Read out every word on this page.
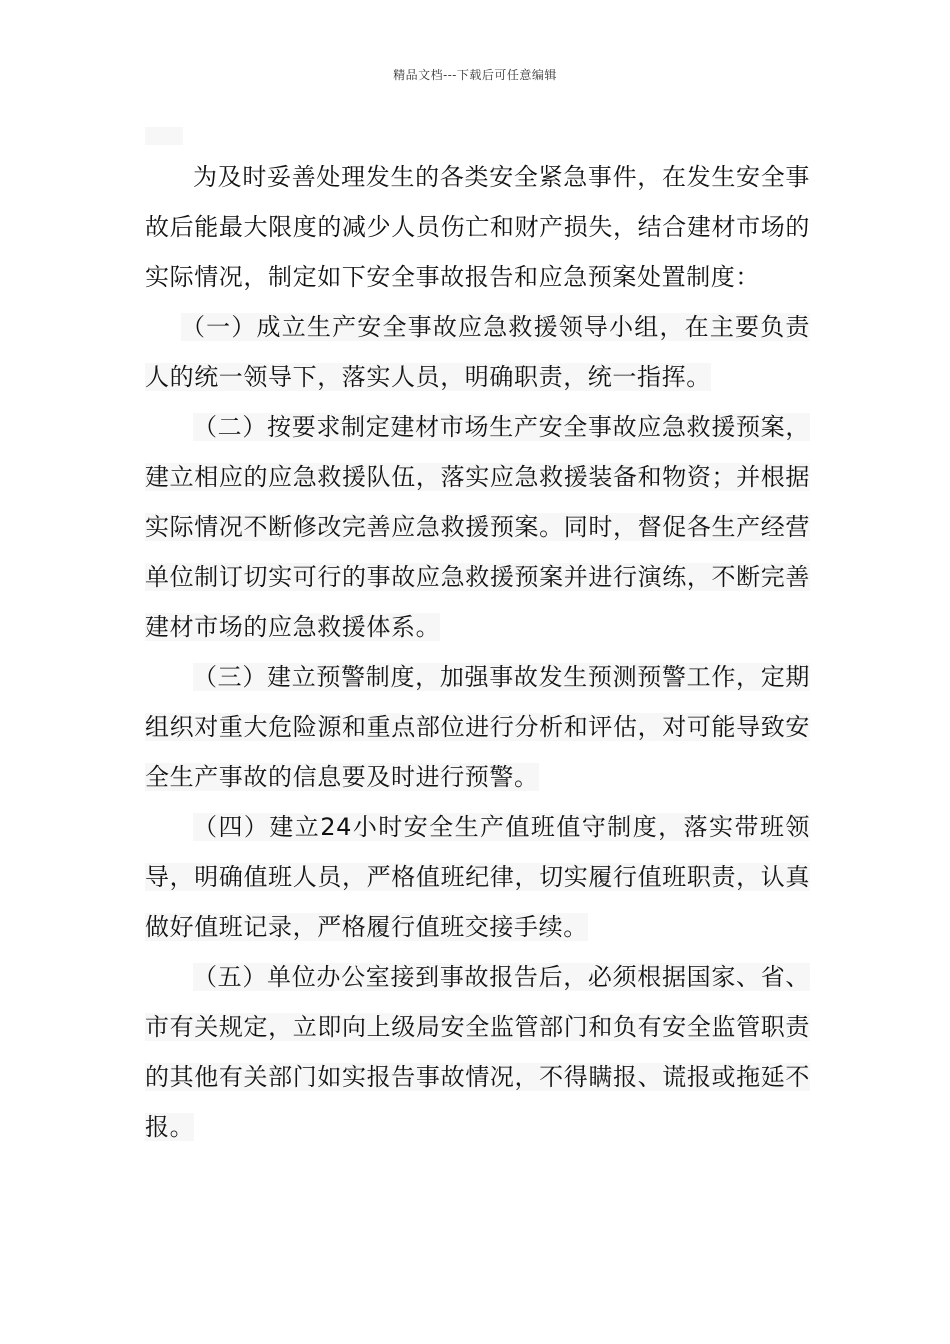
精品文档---下载后可任意编辑

为及时妥善处理发生的各类安全紧急事件，在发生安全事故后能最大限度的减少人员伤亡和财产损失，结合建材市场的实际情况，制定如下安全事故报告和应急预案处置制度：

（一）成立生产安全事故应急救援领导小组，在主要负责人的统一领导下，落实人员，明确职责，统一指挥。

（二）按要求制定建材市场生产安全事故应急救援预案，建立相应的应急救援队伍，落实应急救援装备和物资；并根据实际情况不断修改完善应急救援预案。同时，督促各生产经营单位制订切实可行的事故应急救援预案并进行演练，不断完善建材市场的应急救援体系。

（三）建立预警制度，加强事故发生预测预警工作，定期组织对重大危险源和重点部位进行分析和评估，对可能导致安全生产事故的信息要及时进行预警。

（四）建立24小时安全生产值班值守制度，落实带班领导，明确值班人员，严格值班纪律，切实履行值班职责，认真做好值班记录，严格履行值班交接手续。

（五）单位办公室接到事故报告后，必须根据国家、省、市有关规定，立即向上级局安全监管部门和负有安全监管职责的其他有关部门如实报告事故情况，不得瞒报、谎报或拖延不报。
